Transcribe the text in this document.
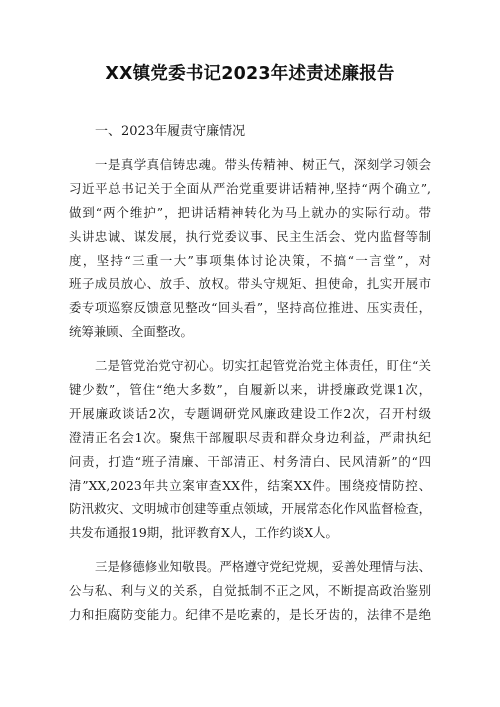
XX镇党委书记2023年述责述廉报告
一、2023年履责守廉情况
一是真学真信铸忠魂。带头传精神、树正气，深刻学习领会
习近平总书记关于全面从严治党重要讲话精神,坚持“两个确立”,
做到“两个维护”，把讲话精神转化为马上就办的实际行动。带
头讲忠诚、谋发展，执行党委议事、民主生活会、党内监督等制
度，坚持“三重一大”事项集体讨论决策，不搞“一言堂”，对
班子成员放心、放手、放权。带头守规矩、担使命，扎实开展市
委专项巡察反馈意见整改“回头看”，坚持高位推进、压实责任，
统筹兼顾、全面整改。
二是管党治党守初心。切实扛起管党治党主体责任，盯住“关
键少数”，管住“绝大多数”，自履新以来，讲授廉政党课1次，
开展廉政谈话2次，专题调研党风廉政建设工作2次，召开村级
澄清正名会1次。聚焦干部履职尽责和群众身边利益，严肃执纪
问责，打造“班子清廉、干部清正、村务清白、民风清新”的“四
清”XX,2023年共立案审查XX件，结案XX件。围绕疫情防控、
防汛救灾、文明城市创建等重点领域，开展常态化作风监督检查，
共发布通报19期，批评教育X人，工作约谈X人。
三是修德修业知敬畏。严格遵守党纪党规，妥善处理情与法、
公与私、利与义的关系，自觉抵制不正之风，不断提高政治鉴别
力和拒腐防变能力。纪律不是吃素的，是长牙齿的，法律不是绝
